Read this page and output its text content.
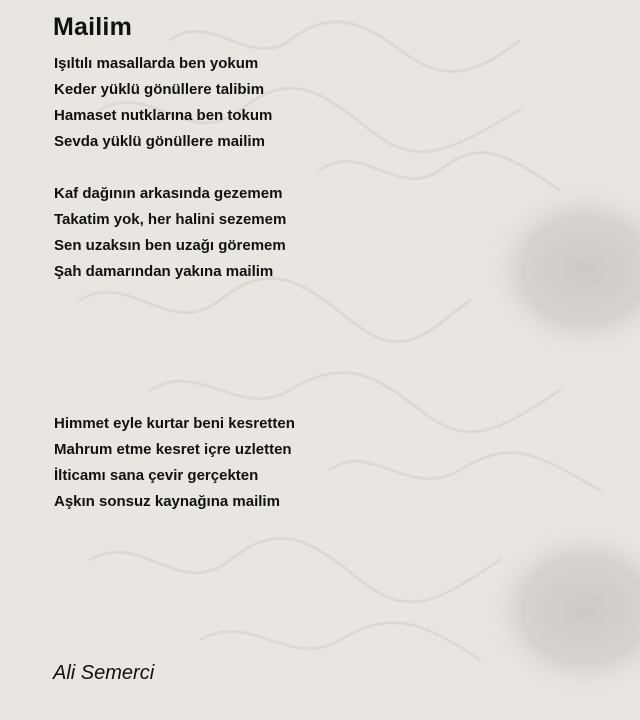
Mailim
Işıltılı masallarda ben yokum
Keder yüklü gönüllere talibim
Hamaset nutklarına ben tokum
Sevda yüklü gönüllere mailim
Kaf dağının arkasında gezemem
Takatim yok, her halini sezemem
Sen uzaksın ben uzağı göremem
Şah damarından yakına mailim
Himmet eyle kurtar beni kesretten
Mahrum etme kesret içre uzletten
İlticamı sana çevir gerçekten
Aşkın sonsuz kaynağına mailim

Ali Semerci
